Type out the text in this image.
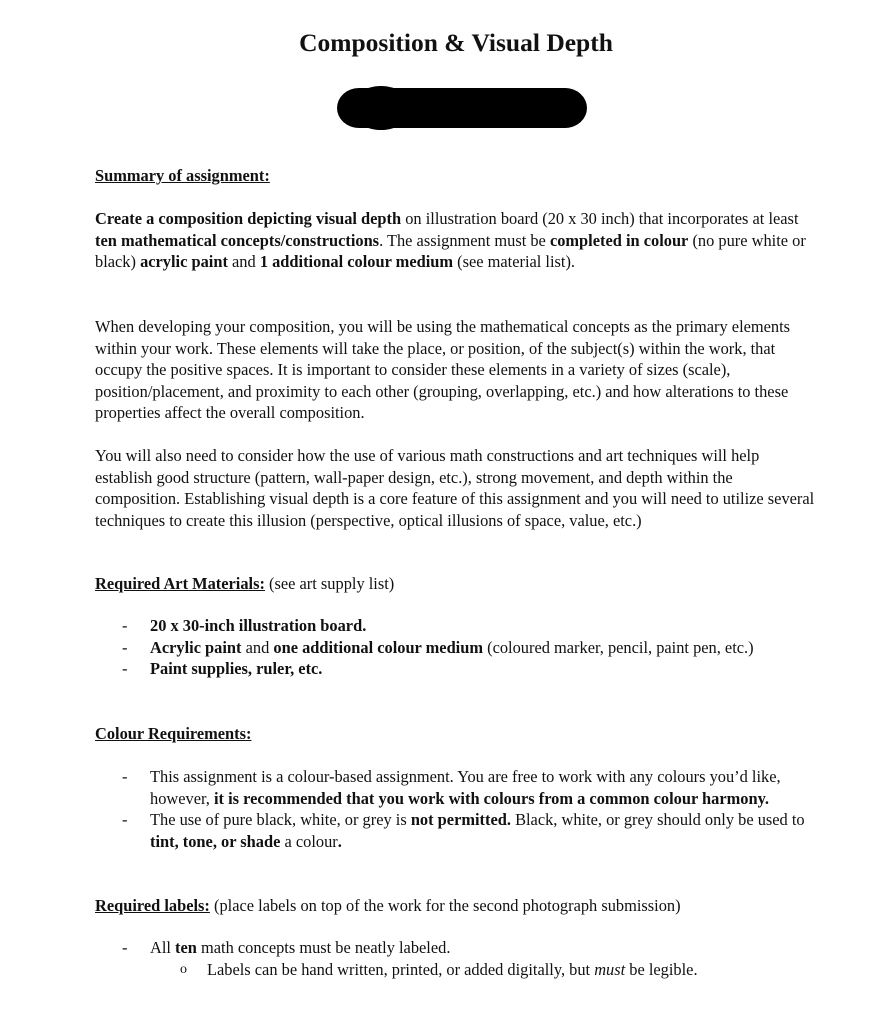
Composition & Visual Depth

Summary of assignment:

Create a composition depicting visual depth on illustration board (20 x 30 inch) that incorporates at least ten mathematical concepts/constructions. The assignment must be completed in colour (no pure white or black) acrylic paint and 1 additional colour medium (see material list).

When developing your composition, you will be using the mathematical concepts as the primary elements within your work. These elements will take the place, or position, of the subject(s) within the work, that occupy the positive spaces. It is important to consider these elements in a variety of sizes (scale), position/placement, and proximity to each other (grouping, overlapping, etc.) and how alterations to these properties affect the overall composition.

You will also need to consider how the use of various math constructions and art techniques will help establish good structure (pattern, wall-paper design, etc.), strong movement, and depth within the composition. Establishing visual depth is a core feature of this assignment and you will need to utilize several techniques to create this illusion (perspective, optical illusions of space, value, etc.)

Required Art Materials: (see art supply list)

- 20 x 30-inch illustration board.
- Acrylic paint and one additional colour medium (coloured marker, pencil, paint pen, etc.)
- Paint supplies, ruler, etc.

Colour Requirements:

- This assignment is a colour-based assignment. You are free to work with any colours you’d like, however, it is recommended that you work with colours from a common colour harmony.
- The use of pure black, white, or grey is not permitted. Black, white, or grey should only be used to tint, tone, or shade a colour.

Required labels: (place labels on top of the work for the second photograph submission)

- All ten math concepts must be neatly labeled.
o Labels can be hand written, printed, or added digitally, but must be legible.
